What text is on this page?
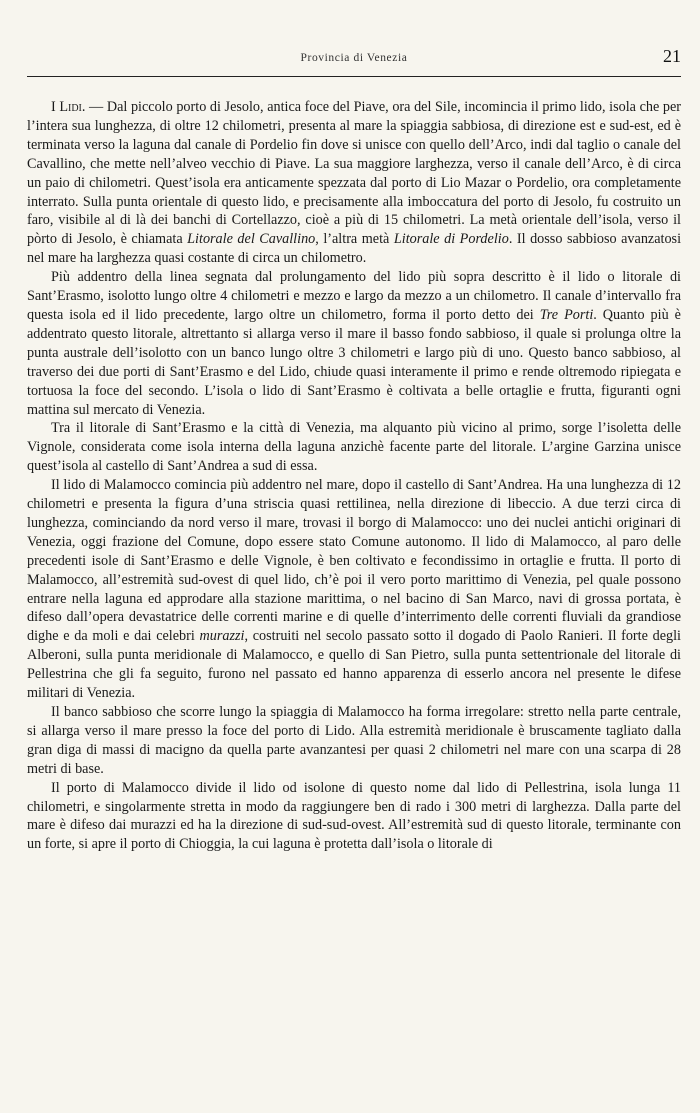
Provincia di Venezia	21

I Lidi. — Dal piccolo porto di Jesolo, antica foce del Piave, ora del Sile, incomincia il primo lido, isola che per l’intera sua lunghezza, di oltre 12 chilometri, presenta al mare la spiaggia sabbiosa, di direzione est e sud-est, ed è terminata verso la laguna dal canale di Pordelio fin dove si unisce con quello dell’Arco, indi dal taglio o canale del Cavallino, che mette nell’alveo vecchio di Piave. La sua maggiore larghezza, verso il canale dell’Arco, è di circa un paio di chilometri. Quest’isola era anticamente spezzata dal porto di Lio Mazar o Pordelio, ora completamente interrato. Sulla punta orientale di questo lido, e precisamente alla imboccatura del porto di Jesolo, fu costruito un faro, visibile al di là dei banchi di Cortellazzo, cioè a più di 15 chilometri. La metà orientale dell’isola, verso il pòrto di Jesolo, è chiamata Litorale del Cavallino, l’altra metà Litorale di Pordelio. Il dosso sabbioso avanzatosi nel mare ha larghezza quasi costante di circa un chilometro.

Più addentro della linea segnata dal prolungamento del lido più sopra descritto è il lido o litorale di Sant’Erasmo, isolotto lungo oltre 4 chilometri e mezzo e largo da mezzo a un chilometro. Il canale d’intervallo fra questa isola ed il lido precedente, largo oltre un chilometro, forma il porto detto dei Tre Porti. Quanto più è addentrato questo litorale, altrettanto si allarga verso il mare il basso fondo sabbioso, il quale si prolunga oltre la punta australe dell’isolotto con un banco lungo oltre 3 chilometri e largo più di uno. Questo banco sabbioso, al traverso dei due porti di Sant’Erasmo e del Lido, chiude quasi interamente il primo e rende oltremodo ripiegata e tortuosa la foce del secondo. L’isola o lido di Sant’Erasmo è coltivata a belle ortaglie e frutta, figuranti ogni mattina sul mercato di Venezia.

Tra il litorale di Sant’Erasmo e la città di Venezia, ma alquanto più vicino al primo, sorge l’isoletta delle Vignole, considerata come isola interna della laguna anzichè facente parte del litorale. L’argine Garzina unisce quest’isola al castello di Sant’Andrea a sud di essa.

Il lido di Malamocco comincia più addentro nel mare, dopo il castello di Sant’Andrea. Ha una lunghezza di 12 chilometri e presenta la figura d’una striscia quasi rettilinea, nella direzione di libeccio. A due terzi circa di lunghezza, cominciando da nord verso il mare, trovasi il borgo di Malamocco: uno dei nuclei antichi originari di Venezia, oggi frazione del Comune, dopo essere stato Comune autonomo. Il lido di Malamocco, al paro delle precedenti isole di Sant’Erasmo e delle Vignole, è ben coltivato e fecondissimo in ortaglie e frutta. Il porto di Malamocco, all’estremità sud-ovest di quel lido, ch’è poi il vero porto marittimo di Venezia, pel quale possono entrare nella laguna ed approdare alla stazione marittima, o nel bacino di San Marco, navi di grossa portata, è difeso dall’opera devastatrice delle correnti marine e di quelle d’interrimento delle correnti fluviali da grandiose dighe e da moli e dai celebri murazzi, costruiti nel secolo passato sotto il dogado di Paolo Ranieri. Il forte degli Alberoni, sulla punta meridionale di Malamocco, e quello di San Pietro, sulla punta settentrionale del litorale di Pellestrina che gli fa seguito, furono nel passato ed hanno apparenza di esserlo ancora nel presente le difese militari di Venezia.

Il banco sabbioso che scorre lungo la spiaggia di Malamocco ha forma irregolare: stretto nella parte centrale, si allarga verso il mare presso la foce del porto di Lido. Alla estremità meridionale è bruscamente tagliato dalla gran diga di massi di macigno da quella parte avanzantesi per quasi 2 chilometri nel mare con una scarpa di 28 metri di base.

Il porto di Malamocco divide il lido od isolone di questo nome dal lido di Pellestrina, isola lunga 11 chilometri, e singolarmente stretta in modo da raggiungere ben di rado i 300 metri di larghezza. Dalla parte del mare è difeso dai murazzi ed ha la direzione di sud-sud-ovest. All’estremità sud di questo litorale, terminante con un forte, si apre il porto di Chioggia, la cui laguna è protetta dall’isola o litorale di
